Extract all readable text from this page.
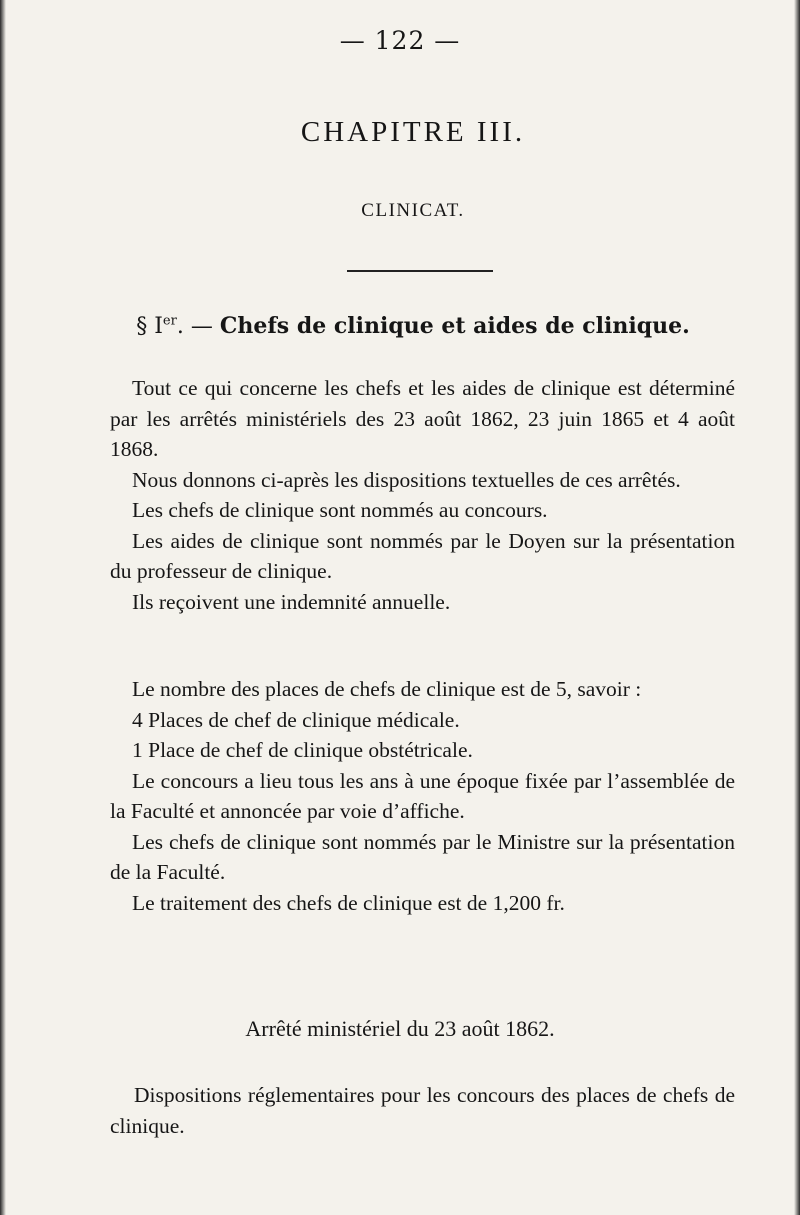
— 122 —
CHAPITRE III.
CLINICAT.
§ Ier. — Chefs de clinique et aides de clinique.

Tout ce qui concerne les chefs et les aides de clinique est déterminé par les arrêtés ministériels des 23 août 1862, 23 juin 1865 et 4 août 1868.

Nous donnons ci-après les dispositions textuelles de ces arrêtés.

Les chefs de clinique sont nommés au concours.

Les aides de clinique sont nommés par le Doyen sur la présentation du professeur de clinique.

Ils reçoivent une indemnité annuelle.

Le nombre des places de chefs de clinique est de 5, savoir :

4 Places de chef de clinique médicale.

1 Place de chef de clinique obstétricale.

Le concours a lieu tous les ans à une époque fixée par l’assemblée de la Faculté et annoncée par voie d’affiche.

Les chefs de clinique sont nommés par le Ministre sur la présentation de la Faculté.

Le traitement des chefs de clinique est de 1,200 fr.

Arrêté ministériel du 23 août 1862.

Dispositions réglementaires pour les concours des places de chefs de clinique.
